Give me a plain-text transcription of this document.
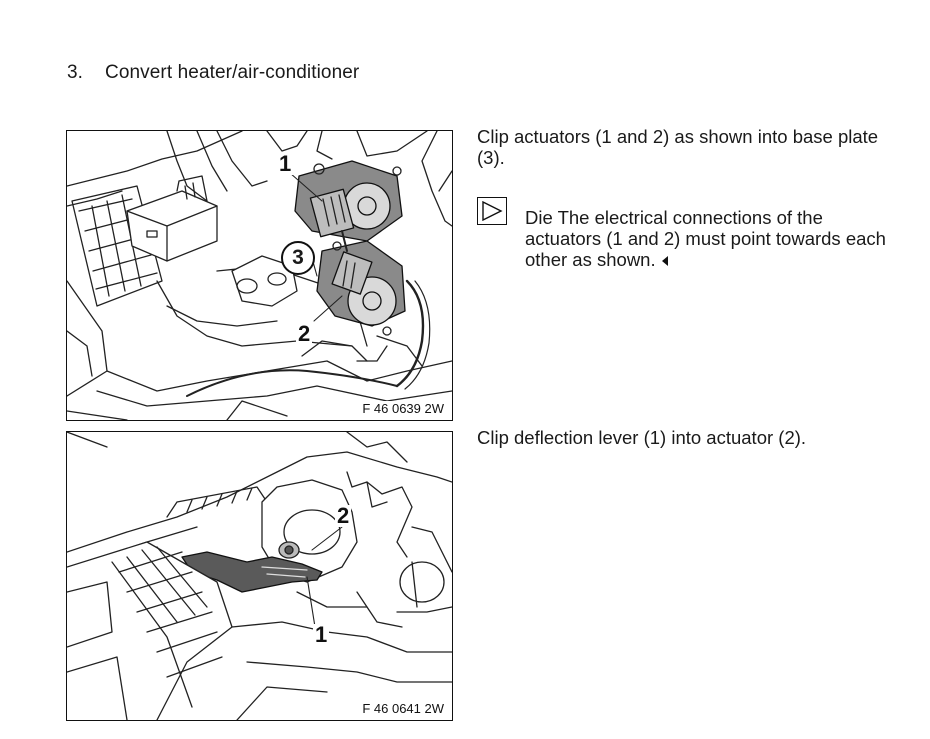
3. Convert heater/air-conditioner
1
3
2
F 46 0639 2W
Clip actuators (1 and 2) as shown into base plate (3).
Die The electrical connections of the actuators (1 and 2) must point towards each other as shown.
2
1
F 46 0641 2W
Clip deflection lever (1) into actuator (2).
